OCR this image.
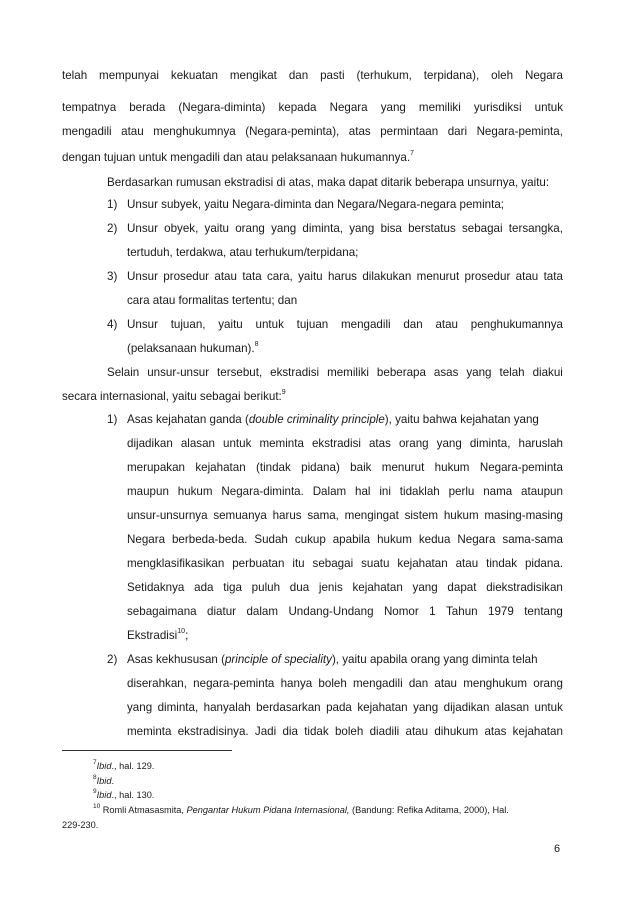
telah mempunyai kekuatan mengikat dan pasti (terhukum, terpidana), oleh Negara
tempatnya berada (Negara-diminta) kepada Negara yang memiliki yurisdiksi untuk
mengadili atau menghukumnya (Negara-peminta), atas permintaan dari Negara-peminta,
dengan tujuan untuk mengadili dan atau pelaksanaan hukumannya.$^7$
Berdasarkan rumusan ekstradisi di atas, maka dapat ditarik beberapa unsurnya, yaitu:
1) Unsur subyek, yaitu Negara-diminta dan Negara/Negara-negara peminta;
2) Unsur obyek, yaitu orang yang diminta, yang bisa berstatus sebagai tersangka,
tertuduh, terdakwa, atau terhukum/terpidana;
3) Unsur prosedur atau tata cara, yaitu harus dilakukan menurut prosedur atau tata
cara atau formalitas tertentu; dan
4) Unsur tujuan, yaitu untuk tujuan mengadili dan atau penghukumannya
(pelaksanaan hukuman).$^8$
Selain unsur-unsur tersebut, ekstradisi memiliki beberapa asas yang telah diakui
secara internasional, yaitu sebagai berikut:$^9$
1) Asas kejahatan ganda (double criminality principle), yaitu bahwa kejahatan yang
dijadikan alasan untuk meminta ekstradisi atas orang yang diminta, haruslah
merupakan kejahatan (tindak pidana) baik menurut hukum Negara-peminta
maupun hukum Negara-diminta. Dalam hal ini tidaklah perlu nama ataupun
unsur-unsurnya semuanya harus sama, mengingat sistem hukum masing-masing
Negara berbeda-beda. Sudah cukup apabila hukum kedua Negara sama-sama
mengklasifikasikan perbuatan itu sebagai suatu kejahatan atau tindak pidana.
Setidaknya ada tiga puluh dua jenis kejahatan yang dapat diekstradisikan
sebagaimana diatur dalam Undang-Undang Nomor 1 Tahun 1979 tentang
Ekstradisi$^{10}$;
2) Asas kekhususan (principle of speciality), yaitu apabila orang yang diminta telah
diserahkan, negara-peminta hanya boleh mengadili dan atau menghukum orang
yang diminta, hanyalah berdasarkan pada kejahatan yang dijadikan alasan untuk
meminta ekstradisinya. Jadi dia tidak boleh diadili atau dihukum atas kejahatan
$^7$Ibid., hal. 129.
$^8$Ibid.
$^9$Ibid., hal. 130.
$^{10}$ Romli Atmasasmita, Pengantar Hukum Pidana Internasional, (Bandung: Refika Aditama, 2000), Hal.
229-230.
6
